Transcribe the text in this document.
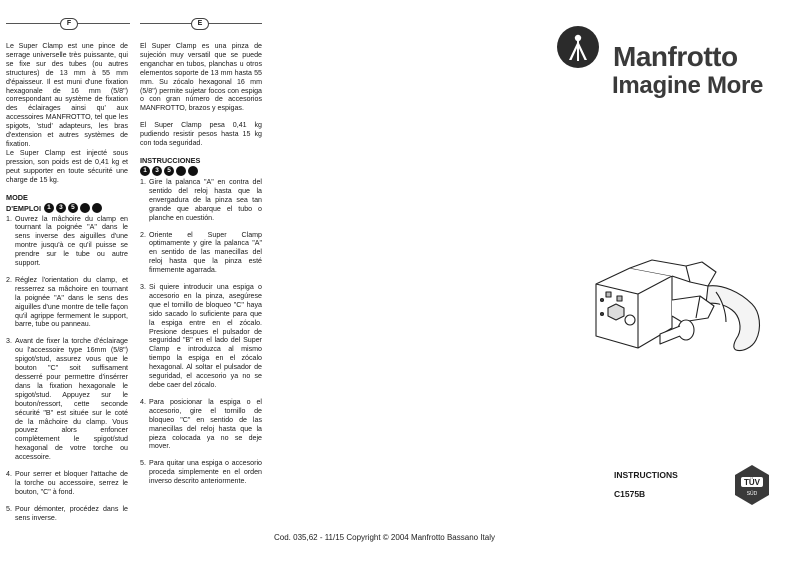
F	E

Le Super Clamp est une pince de serrage universelle très puissante, qui se fixe sur des tubes (ou autres structures) de 13 mm à 55 mm d'épaisseur. Il est muni d'une fixation hexagonale de 16 mm (5/8") correspondant au système de fixation des éclairages ainsi qu' aux accessoires MANFROTTO, tel que les spigots, 'stud' adapteurs, les bras d'extension et autres systèmes de fixation.

Le Super Clamp est injecté sous pression, son poids est de 0,41 kg et peut supporter en toute sécurité une charge de 15 kg.

MODE
D'EMPLOI 1	3	5
1. Ouvrez la mâchoire du clamp en tournant la poignée "A" dans le sens inverse des aiguilles d'une montre jusqu'à ce qu'il puisse se prendre sur le tube ou autre support.
2. Réglez l'orientation du clamp, et resserrez sa mâchoire en tournant la poignée "A" dans le sens des aiguilles d'une montre de telle façon qu'il agrippe fermement le support, barre, tube ou panneau.
3. Avant de fixer la torche d'éclairage ou l'accessoire type 16mm (5/8") spigot/stud, assurez vous que le bouton "C" soit suffisament desserré pour permettre d'insérrer dans la fixation hexagonale le spigot/stud. Appuyez sur le bouton/ressort, cette seconde sécurité "B" est située sur le coté de la mâchoire du clamp. Vous pouvez alors enfoncer complètement le spigot/stud hexagonal de votre torche ou accessoire.
4. Pour serrer et bloquer l'attache de la torche ou accessoire, serrez le bouton, "C" à fond.
5. Pour démonter, procédez dans le sens inverse.

El Super Clamp es una pinza de sujeción muy versatil que se puede enganchar en tubos, planchas u otros elementos soporte de 13 mm hasta 55 mm. Su zócalo hexagonal 16 mm (5/8") permite sujetar focos con espiga o con gran número de accesorios MANFROTTO, brazos y espigas.

El Super Clamp pesa 0,41 kg pudiendo resistir pesos hasta 15 kg con toda seguridad.

INSTRUCCIONES
1	3	5
1. Gire la palanca "A" en contra del sentido del reloj hasta que la envergadura de la pinza sea tan grande que abarque el tubo o planche en cuestión.
2. Oriente el Super Clamp optimamente y gire la palanca "A" en sentido de las manecillas del reloj hasta que la pinza esté firmemente agarrada.
3. Si quiere introducir una espiga o accesorio en la pinza, asegúrese que el tornillo de bloqueo "C" haya sido sacado lo suficiente para que la espiga entre en el zócalo. Presione despues el pulsador de seguridad "B" en el lado del Super Clamp e introduzca al mismo tiempo la espiga en el zócalo hexagonal. Al soltar el pulsador de seguridad, el accesorio ya no se debe caer del zócalo.
4. Para posicionar la espiga o el accesorio, gire el tornillo de bloqueo "C" en sentido de las manecillas del reloj hasta que la pieza colocada ya no se deje mover.
5. Para quitar una espiga o accesorio proceda simplemente en el orden inverso descrito anteriormente.
Manfrotto
Imagine More
INSTRUCTIONS
C1575B
TÜV
SÜD
Cod. 035,62 - 11/15 Copyright © 2004 Manfrotto Bassano Italy
